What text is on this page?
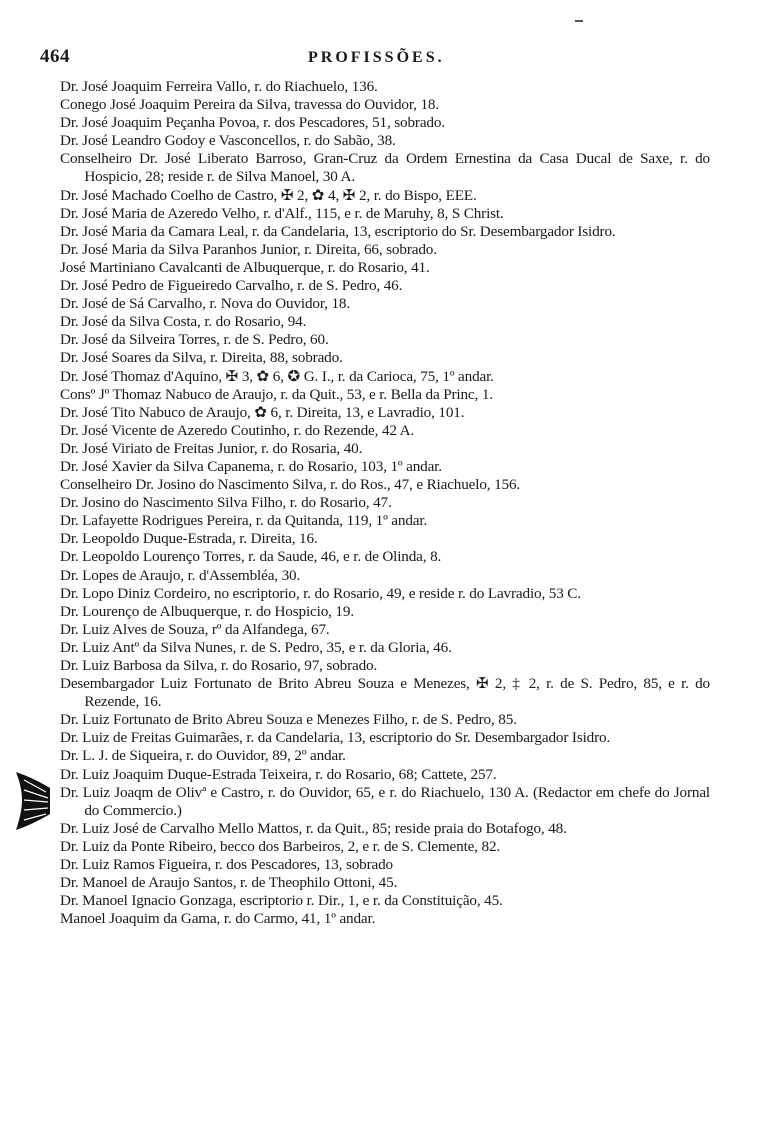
464	PROFISSÕES.

Dr. José Joaquim Ferreira Vallo, r. do Riachuelo, 136.

Conego José Joaquim Pereira da Silva, travessa do Ouvidor, 18.

Dr. José Joaquim Peçanha Povoa, r. dos Pescadores, 51, sobrado.

Dr. José Leandro Godoy e Vasconcellos, r. do Sabão, 38.

Conselheiro Dr. José Liberato Barroso, Gran-Cruz da Ordem Ernestina da Casa Ducal de Saxe, r. do Hospicio, 28; reside r. de Silva Manoel, 30 A.

Dr. José Machado Coelho de Castro, ✠ 2, ✿ 4, ✠ 2, r. do Bispo, EEE.

Dr. José Maria de Azeredo Velho, r. d'Alf., 115, e r. de Maruhy, 8, S Christ.

Dr. José Maria da Camara Leal, r. da Candelaria, 13, escriptorio do Sr. Desembargador Isidro.

Dr. José Maria da Silva Paranhos Junior, r. Direita, 66, sobrado.

José Martiniano Cavalcanti de Albuquerque, r. do Rosario, 41.

Dr. José Pedro de Figueiredo Carvalho, r. de S. Pedro, 46.

Dr. José de Sá Carvalho, r. Nova do Ouvidor, 18.

Dr. José da Silva Costa, r. do Rosario, 94.

Dr. José da Silveira Torres, r. de S. Pedro, 60.

Dr. José Soares da Silva, r. Direita, 88, sobrado.

Dr. José Thomaz d'Aquino, ✠ 3, ✿ 6, ✪ G. I., r. da Carioca, 75, 1º andar.

Consº Jº Thomaz Nabuco de Araujo, r. da Quit., 53, e r. Bella da Princ, 1.

Dr. José Tito Nabuco de Araujo, ✿ 6, r. Direita, 13, e Lavradio, 101.

Dr. José Vicente de Azeredo Coutinho, r. do Rezende, 42 A.

Dr. José Viriato de Freitas Junior, r. do Rosaria, 40.

Dr. José Xavier da Silva Capanema, r. do Rosario, 103, 1º andar.

Conselheiro Dr. Josino do Nascimento Silva, r. do Ros., 47, e Riachuelo, 156.

Dr. Josino do Nascimento Silva Filho, r. do Rosario, 47.

Dr. Lafayette Rodrigues Pereira, r. da Quitanda, 119, 1º andar.

Dr. Leopoldo Duque-Estrada, r. Direita, 16.

Dr. Leopoldo Lourenço Torres, r. da Saude, 46, e r. de Olinda, 8.

Dr. Lopes de Araujo, r. d'Assembléa, 30.

Dr. Lopo Diniz Cordeiro, no escriptorio, r. do Rosario, 49, e reside r. do Lavradio, 53 C.

Dr. Lourenço de Albuquerque, r. do Hospicio, 19.

Dr. Luiz Alves de Souza, rº da Alfandega, 67.

Dr. Luiz Antº da Silva Nunes, r. de S. Pedro, 35, e r. da Gloria, 46.

Dr. Luiz Barbosa da Silva, r. do Rosario, 97, sobrado.

Desembargador Luiz Fortunato de Brito Abreu Souza e Menezes, ✠ 2, ‡ 2, r. de S. Pedro, 85, e r. do Rezende, 16.

Dr. Luiz Fortunato de Brito Abreu Souza e Menezes Filho, r. de S. Pedro, 85.

Dr. Luiz de Freitas Guimarães, r. da Candelaria, 13, escriptorio do Sr. Desembargador Isidro.

Dr. L. J. de Siqueira, r. do Ouvidor, 89, 2º andar.

Dr. Luiz Joaquim Duque-Estrada Teixeira, r. do Rosario, 68; Cattete, 257.

Dr. Luiz Joaqm de Olivª e Castro, r. do Ouvidor, 65, e r. do Riachuelo, 130 A. (Redactor em chefe do Jornal do Commercio.)

Dr. Luiz José de Carvalho Mello Mattos, r. da Quit., 85; reside praia do Botafogo, 48.

Dr. Luiz da Ponte Ribeiro, becco dos Barbeiros, 2, e r. de S. Clemente, 82.

Dr. Luiz Ramos Figueira, r. dos Pescadores, 13, sobrado

Dr. Manoel de Araujo Santos, r. de Theophilo Ottoni, 45.

Dr. Manoel Ignacio Gonzaga, escriptorio r. Dir., 1, e r. da Constituição, 45.

Manoel Joaquim da Gama, r. do Carmo, 41, 1º andar.
